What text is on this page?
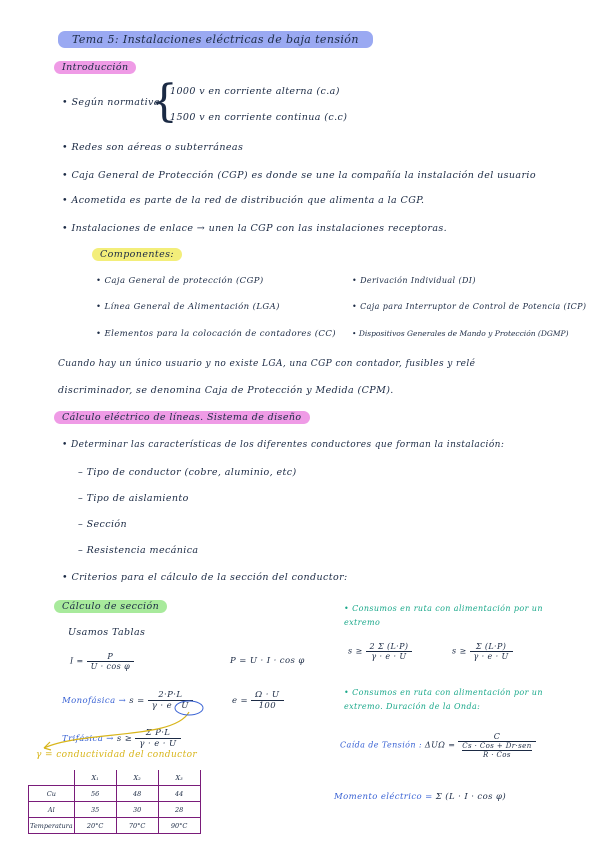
Tema 5: Instalaciones eléctricas de baja tensión
Introducción
• Según normativa
{
1000 v en corriente alterna (c.a)
1500 v en corriente continua (c.c)
• Redes son aéreas o subterráneas
• Caja General de Protección (CGP) es donde se une la compañía la instalación del usuario
• Acometida es parte de la red de distribución que alimenta a la CGP.
• Instalaciones de enlace → unen la CGP con las instalaciones receptoras.
Componentes:
• Caja General de protección (CGP)
• Línea General de Alimentación (LGA)
• Elementos para la colocación de contadores (CC)
• Derivación Individual (DI)
• Caja para Interruptor de Control de Potencia (ICP)
• Dispositivos Generales de Mando y Protección (DGMP)
Cuando hay un único usuario y no existe LGA, una CGP con contador, fusibles y relé
discriminador, se denomina Caja de Protección y Medida (CPM).
Cálculo eléctrico de líneas. Sistema de diseño
• Determinar las características de los diferentes conductores que forman la instalación:
– Tipo de conductor (cobre, aluminio, etc)
– Tipo de aislamiento
– Sección
– Resistencia mecánica
• Criterios para el cálculo de la sección del conductor:
Cálculo de sección
Usamos Tablas
$I = \frac{P}{\text{U · cos φ}}$	P = U · I · cos φ
Monofásica → $s = \frac{2\cdot P\cdot L}{\gamma \cdot e \cdot U}$	$e = \frac{\Omega \cdot U}{100}$
Trifásica → $s \ge \frac{\text{Σ P·L}}{\gamma \cdot e \cdot U}$
γ = conductividad del conductor
	X₁	X₂	X₃
Cu	56	48	44
Al	35	30	28
Temperatura	20°C	70°C	90°C
• Consumos en ruta con alimentación por un extremo
$s \ge \frac{2 \Sigma (L\cdot P)}{\gamma \cdot e \cdot U}$	$s \ge \frac{\Sigma (L\cdot P)}{\gamma \cdot e \cdot U}$
• Consumos en ruta con alimentación por un extremo. Duración de la Onda:
Caída de Tensión : ΔUΩ = C
Cs · Cos + Dr·sen
R · Cos
Momento eléctrico = Σ (L · I · cos φ)
